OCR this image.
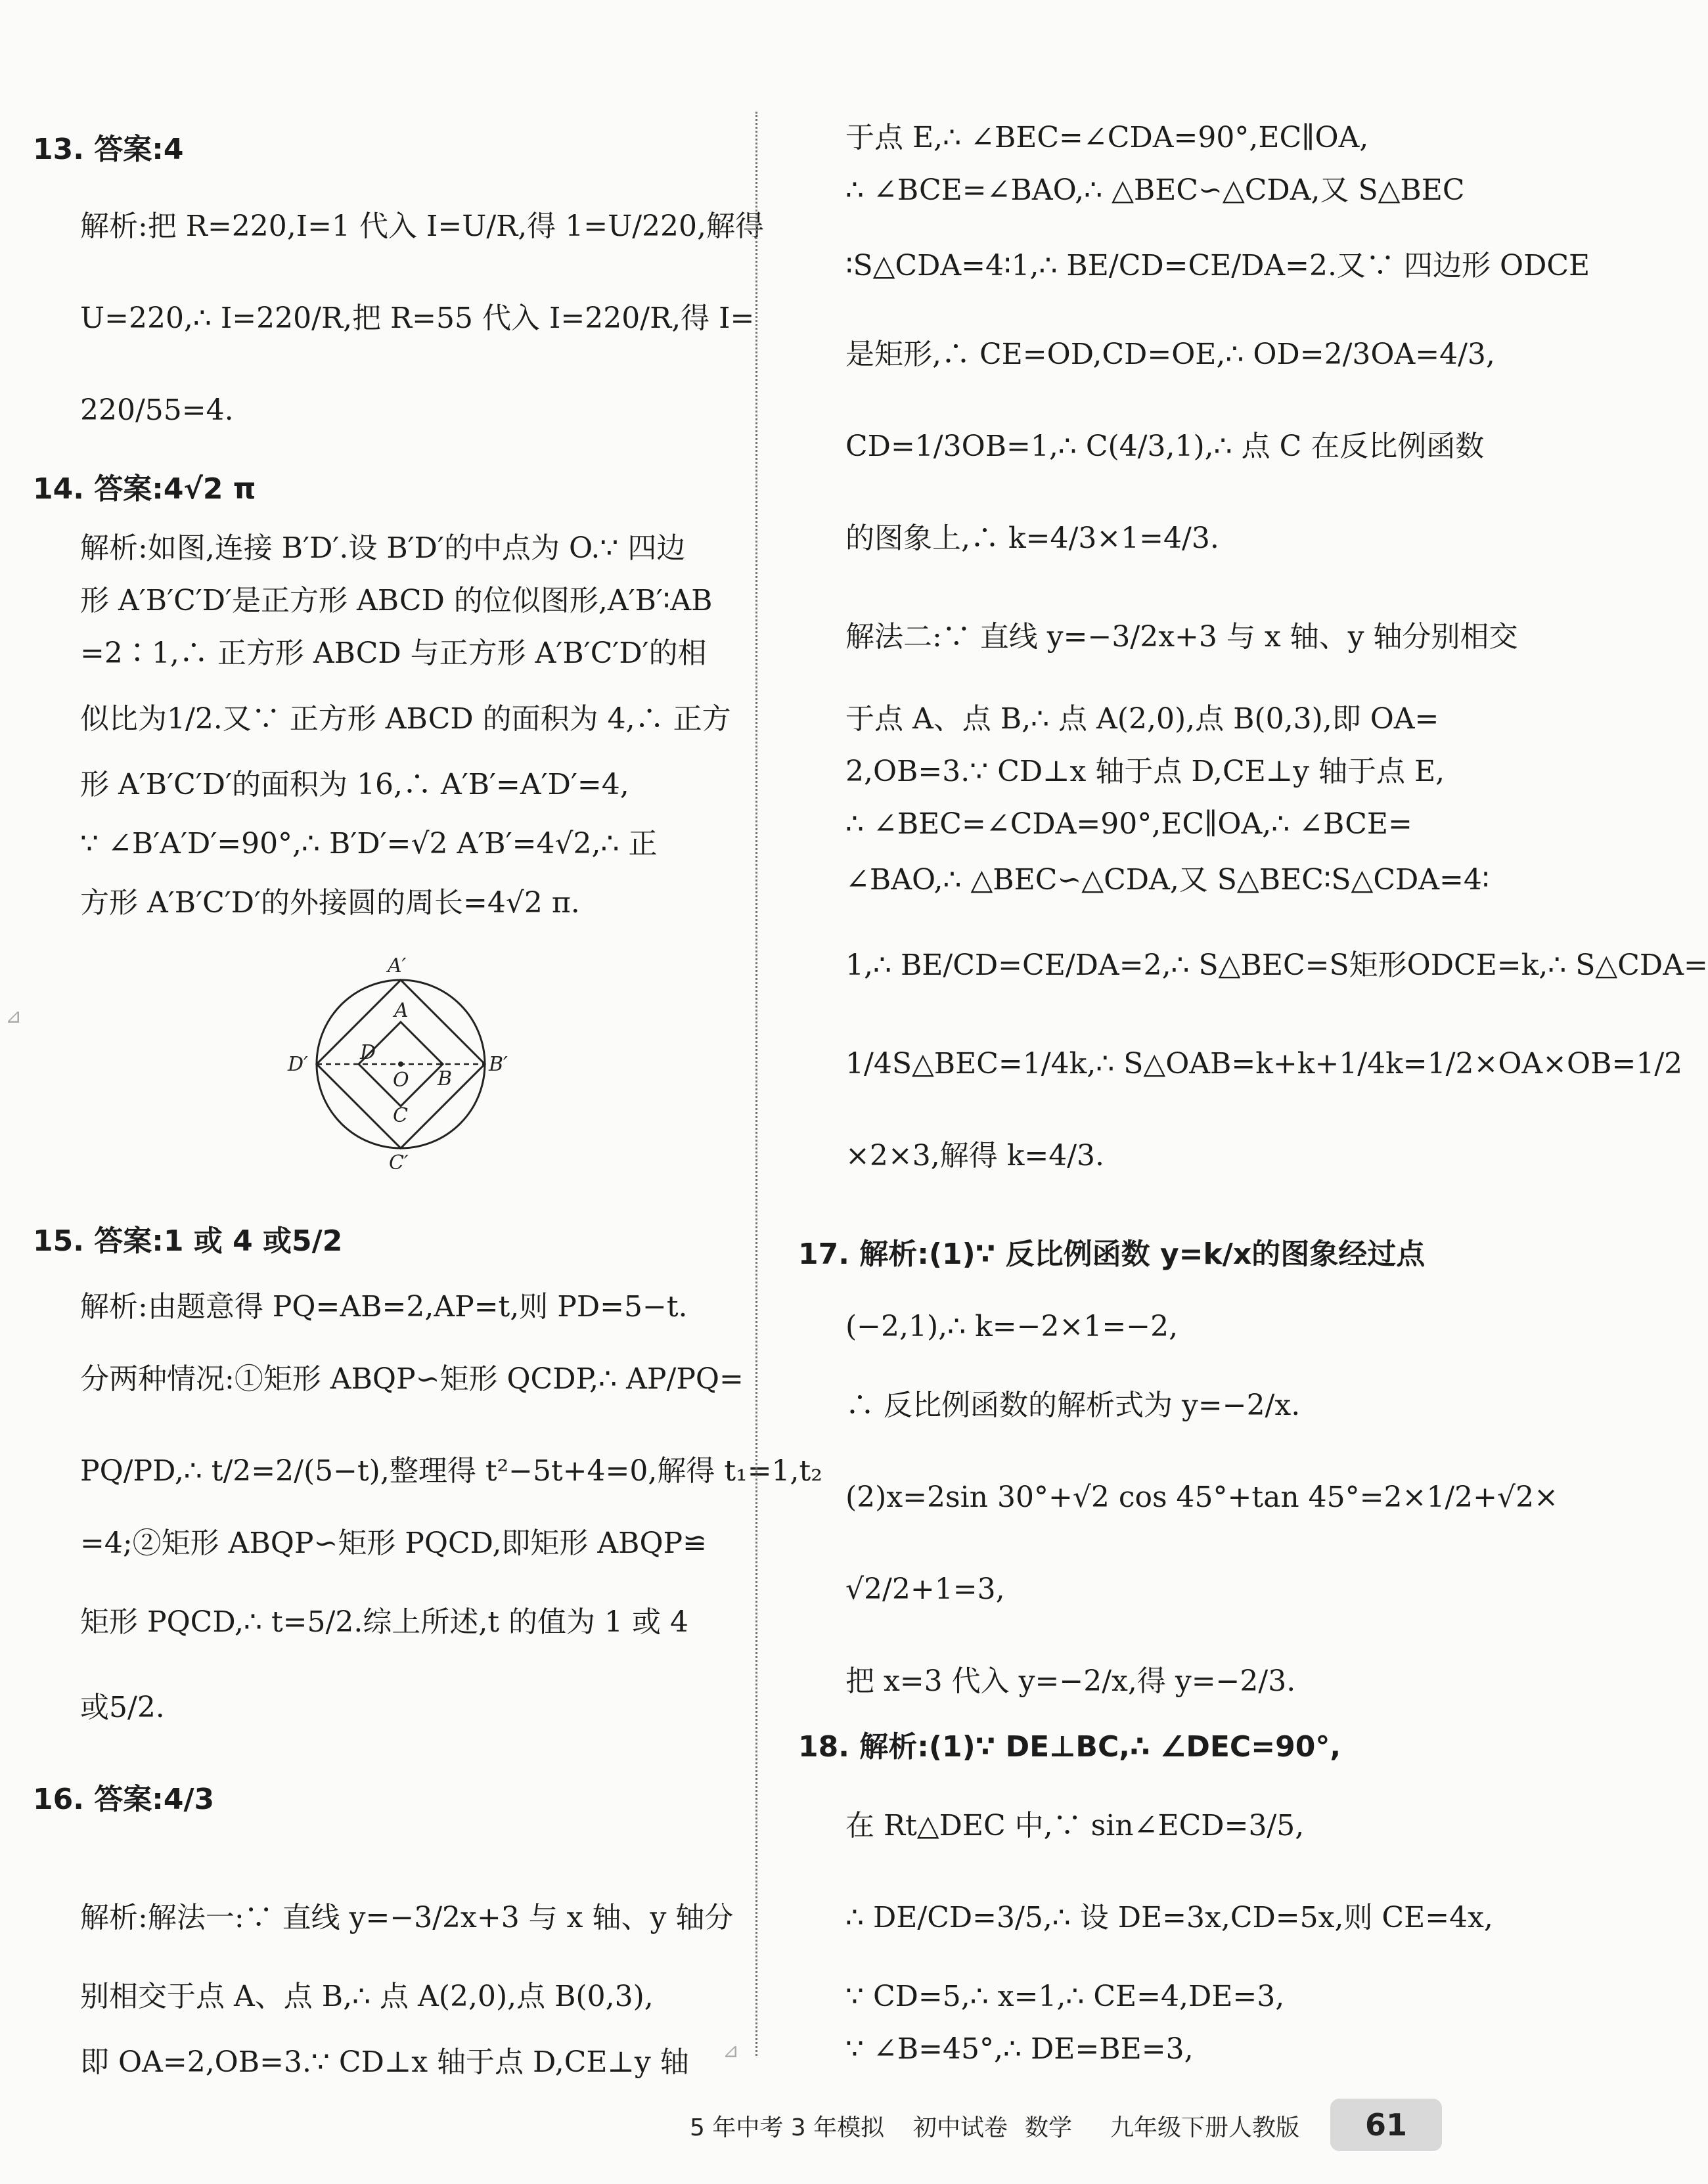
13. 答案:4
解析:把 R=220,I=1 代入 I=U/R,得 1=U/220,解得
U=220,∴ I=220/R,把 R=55 代入 I=220/R,得 I=
220/55=4.
14. 答案:4√2 π
解析:如图,连接 B′D′.设 B′D′的中点为 O.∵ 四边
形 A′B′C′D′是正方形 ABCD 的位似图形,A′B′∶AB
=2∶1,∴ 正方形 ABCD 与正方形 A′B′C′D′的相
似比为1/2.又∵ 正方形 ABCD 的面积为 4,∴ 正方
形 A′B′C′D′的面积为 16,∴ A′B′=A′D′=4,
∵ ∠B′A′D′=90°,∴ B′D′=√2 A′B′=4√2,∴ 正
方形 A′B′C′D′的外接圆的周长=4√2 π.
15. 答案:1 或 4 或5/2
解析:由题意得 PQ=AB=2,AP=t,则 PD=5−t.
分两种情况:①矩形 ABQP∽矩形 QCDP,∴ AP/PQ=
PQ/PD,∴ t/2=2/(5−t),整理得 t²−5t+4=0,解得 t₁=1,t₂
=4;②矩形 ABQP∽矩形 PQCD,即矩形 ABQP≌
矩形 PQCD,∴ t=5/2.综上所述,t 的值为 1 或 4
或5/2.
16. 答案:4/3
解析:解法一:∵ 直线 y=−3/2x+3 与 x 轴、y 轴分
别相交于点 A、点 B,∴ 点 A(2,0),点 B(0,3),
即 OA=2,OB=3.∵ CD⊥x 轴于点 D,CE⊥y 轴
于点 E,∴ ∠BEC=∠CDA=90°,EC∥OA,
∴ ∠BCE=∠BAO,∴ △BEC∽△CDA,又 S△BEC
∶S△CDA=4∶1,∴ BE/CD=CE/DA=2.又∵ 四边形 ODCE
是矩形,∴ CE=OD,CD=OE,∴ OD=2/3OA=4/3,
CD=1/3OB=1,∴ C(4/3,1),∴ 点 C 在反比例函数
的图象上,∴ k=4/3×1=4/3.
解法二:∵ 直线 y=−3/2x+3 与 x 轴、y 轴分别相交
于点 A、点 B,∴ 点 A(2,0),点 B(0,3),即 OA=
2,OB=3.∵ CD⊥x 轴于点 D,CE⊥y 轴于点 E,
∴ ∠BEC=∠CDA=90°,EC∥OA,∴ ∠BCE=
∠BAO,∴ △BEC∽△CDA,又 S△BEC∶S△CDA=4∶
1,∴ BE/CD=CE/DA=2,∴ S△BEC=S矩形ODCE=k,∴ S△CDA=
1/4S△BEC=1/4k,∴ S△OAB=k+k+1/4k=1/2×OA×OB=1/2
×2×3,解得 k=4/3.
17. 解析:(1)∵ 反比例函数 y=k/x的图象经过点
(−2,1),∴ k=−2×1=−2,
∴ 反比例函数的解析式为 y=−2/x.
(2)x=2sin 30°+√2 cos 45°+tan 45°=2×1/2+√2×
√2/2+1=3,
把 x=3 代入 y=−2/x,得 y=−2/3.
18. 解析:(1)∵ DE⊥BC,∴ ∠DEC=90°,
在 Rt△DEC 中,∵ sin∠ECD=3/5,
∴ DE/CD=3/5,∴ 设 DE=3x,CD=5x,则 CE=4x,
∵ CD=5,∴ x=1,∴ CE=4,DE=3,
∵ ∠B=45°,∴ DE=BE=3,
⊿
⊿
A′
B′
C′
D′
A
B
C
D
O
5 年中考 3 年模拟 初中试卷 数学 九年级下册 人教版	61
